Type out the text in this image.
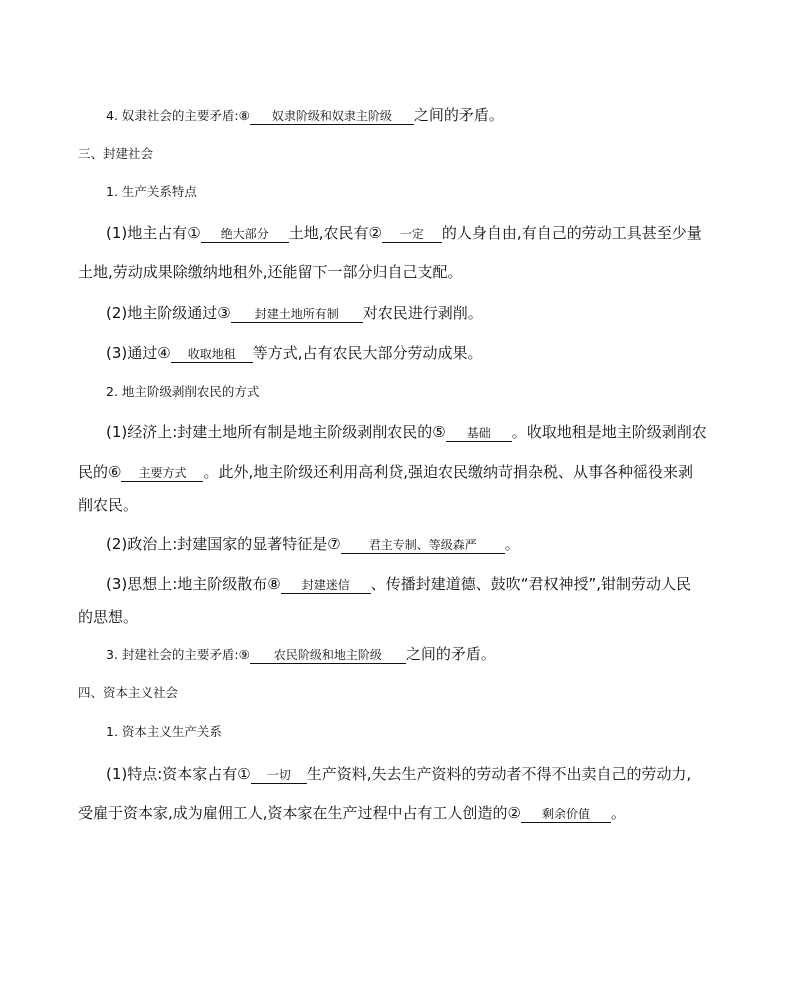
4. 奴隶社会的主要矛盾:⑧ 奴隶阶级和奴隶主阶级 之间的矛盾。
三、封建社会
1. 生产关系特点
(1)地主占有① 绝大部分 土地,农民有② 一定 的人身自由,有自己的劳动工具甚至少量
土地,劳动成果除缴纳地租外,还能留下一部分归自己支配。
(2)地主阶级通过③ 封建土地所有制 对农民进行剥削。
(3)通过④ 收取地租 等方式,占有农民大部分劳动成果。
2. 地主阶级剥削农民的方式
(1)经济上:封建土地所有制是地主阶级剥削农民的⑤ 基础 。收取地租是地主阶级剥削农
民的⑥ 主要方式 。此外,地主阶级还利用高利贷,强迫农民缴纳苛捐杂税、从事各种徭役来剥
削农民。
(2)政治上:封建国家的显著特征是⑦ 君主专制、等级森严 。
(3)思想上:地主阶级散布⑧ 封建迷信 、传播封建道德、鼓吹“君权神授”,钳制劳动人民
的思想。
3. 封建社会的主要矛盾:⑨ 农民阶级和地主阶级 之间的矛盾。
四、资本主义社会
1. 资本主义生产关系
(1)特点:资本家占有① 一切 生产资料,失去生产资料的劳动者不得不出卖自己的劳动力,
受雇于资本家,成为雇佣工人,资本家在生产过程中占有工人创造的② 剩余价值 。
